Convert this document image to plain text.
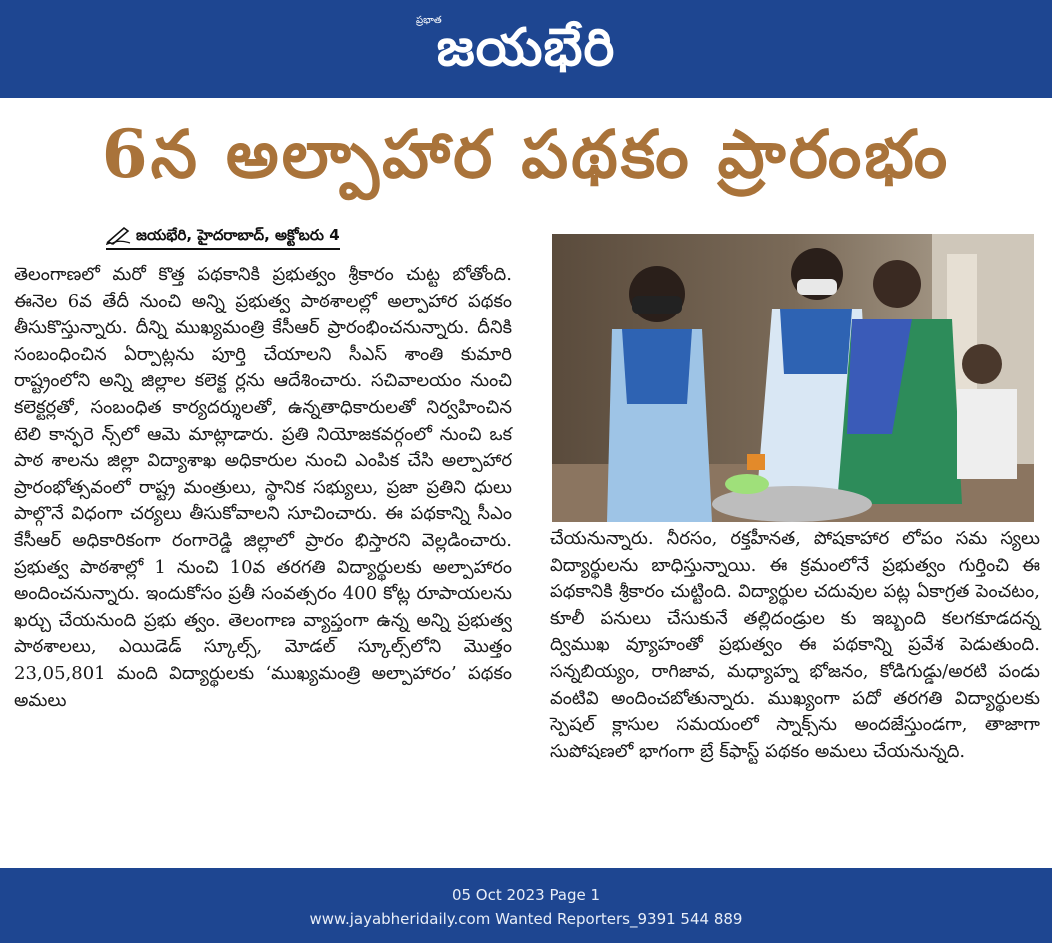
ప్రభాత
జయభేరి
6న అల్పాహార పథకం ప్రారంభం
జయభేరి, హైదరాబాద్, అక్టోబరు 4

తెలంగాణలో మరో కొత్త పథకానికి ప్రభుత్వం శ్రీకారం చుట్ట బోతోంది. ఈనెల 6వ తేదీ నుంచి అన్ని ప్రభుత్వ పాఠశాలల్లో అల్పాహార పథకం తీసుకొస్తున్నారు. దీన్ని ముఖ్యమంత్రి కేసీఆర్ ప్రారంభించనున్నారు. దీనికి సంబంధించిన ఏర్పాట్లను పూర్తి చేయాలని సీఎస్ శాంతి కుమారి రాష్ట్రంలోని అన్ని జిల్లాల కలెక్ట ర్లను ఆదేశించారు. సచివాలయం నుంచి కలెక్టర్లతో, సంబంధిత కార్యదర్శులతో, ఉన్నతాధికారులతో నిర్వహించిన టెలి కాన్ఫరె న్స్‌లో ఆమె మాట్లాడారు. ప్రతి నియోజకవర్గంలో నుంచి ఒక పాఠ శాలను జిల్లా విద్యాశాఖ అధికారుల నుంచి ఎంపిక చేసి అల్పాహార ప్రారంభోత్సవంలో రాష్ట్ర మంత్రులు, స్థానిక సభ్యులు, ప్రజా ప్రతిని ధులు పాల్గొనే విధంగా చర్యలు తీసుకోవాలని సూచించారు. ఈ పథకాన్ని సీఎం కేసీఆర్ అధికారికంగా రంగారెడ్డి జిల్లాలో ప్రారం భిస్తారని వెల్లడించారు. ప్రభుత్వ పాఠశాల్లో 1 నుంచి 10వ తరగతి విద్యార్థులకు అల్పాహారం అందించనున్నారు. ఇందుకోసం ప్రతీ సంవత్సరం 400 కోట్ల రూపాయలను ఖర్చు చేయనుంది ప్రభు త్వం. తెలంగాణ వ్యాప్తంగా ఉన్న అన్ని ప్రభుత్వ పాఠశాలలు, ఎయిడెడ్ స్కూల్స్, మోడల్ స్కూల్స్‌లోని మొత్తం 23,05,801 మంది విద్యార్థులకు ‘ముఖ్యమంత్రి అల్పాహారం’ పథకం అమలు

చేయనున్నారు. నీరసం, రక్తహీనత, పోషకాహార లోపం సమ స్యలు విద్యార్థులను బాధిస్తున్నాయి. ఈ క్రమంలోనే ప్రభుత్వం గుర్తించి ఈ పథకానికి శ్రీకారం చుట్టింది. విద్యార్థుల చదువుల పట్ల ఏకాగ్రత పెంచటం, కూలీ పనులు చేసుకునే తల్లిదండ్రుల కు ఇబ్బంది కలగకూడదన్న ద్విముఖ వ్యూహంతో ప్రభుత్వం ఈ పథకాన్ని ప్రవేశ పెడుతుంది. సన్నబియ్యం, రాగిజావ, మధ్యాహ్న భోజనం, కోడిగుడ్డు/అరటి పండు వంటివి అందించబోతున్నారు. ముఖ్యంగా పదో తరగతి విద్యార్థులకు స్పెషల్ క్లాసుల సమయంలో స్నాక్స్‌ను అందజేస్తుండగా, తాజాగా సుపోషణలో భాగంగా బ్రే క్‌ఫాస్ట్ పథకం అమలు చేయనున్నది.

05 Oct 2023 Page 1
www.jayabheridaily.com Wanted Reporters_9391 544 889
